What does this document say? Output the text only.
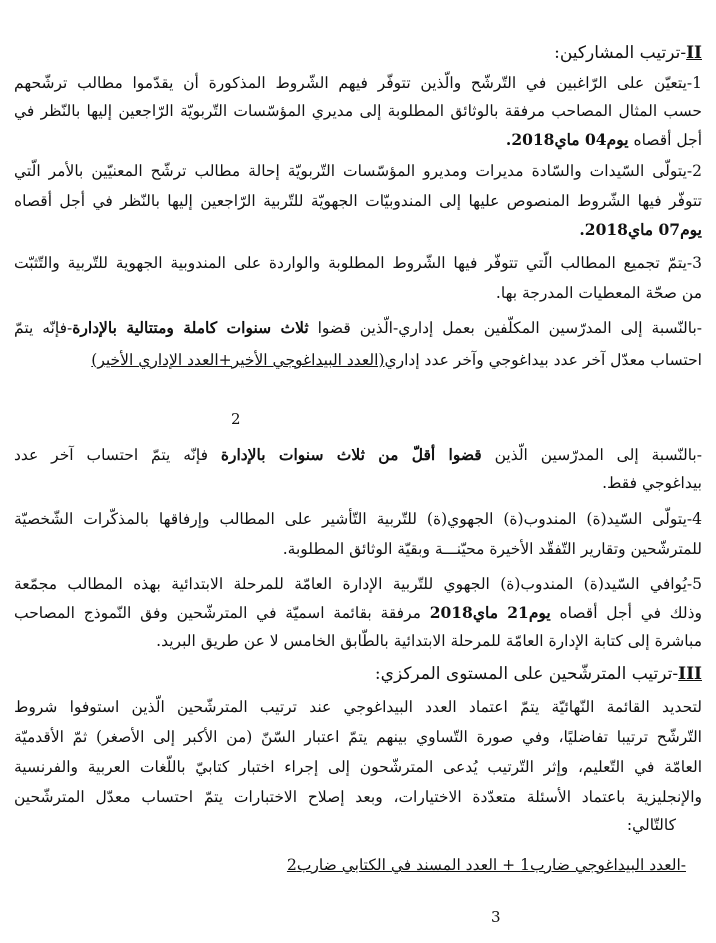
II-ترتيب المشاركين:
1-يتعيّن على الرّاغبين في التّرشّح والّذين تتوفّر فيهم الشّروط المذكورة أن يقدّموا مطالب ترشّحهم
حسب المثال المصاحب مرفقة بالوثائق المطلوبة إلى مديري المؤسّسات التّربويّة الرّاجعين إليها بالنّظر في
أجل أقصاه يوم04 ماي2018.
2-يتولّى السّيدات والسّادة مديرات ومديرو المؤسّسات التّربويّة إحالة مطالب ترشّح المعنيّين بالأمر الّتي
تتوفّر فيها الشّروط المنصوص عليها إلى المندوبيّات الجهويّة للتّربية الرّاجعين إليها بالنّظر في أجل أقصاه
يوم07 ماي2018.
3-يتمّ تجميع المطالب الّتي تتوفّر فيها الشّروط المطلوبة والواردة على المندوبية الجهوية للتّربية والتّثبّت
من صحّة المعطيات المدرجة بها.
-بالنّسبة إلى المدرّسين المكلّفين بعمل إداري-الّذين قضوا ثلاث سنوات كاملة ومتتالية بالإدارة-فإنّه يتمّ
احتساب معدّل آخر عدد بيداغوجي وآخر عدد إداري(العدد البيداغوجي الأخير+العدد الإداري الأخير)
2
-بالنّسبة إلى المدرّسين الّذين قضوا أقلّ من ثلاث سنوات بالإدارة فإنّه يتمّ احتساب آخر عدد
بيداغوجي فقط.
4-يتولّى السّيد(ة) المندوب(ة) الجهوي(ة) للتّربية التّأشير على المطالب وإرفاقها بالمذكّرات الشّخصيّة
للمترشّحين وتقارير التّفقّد الأخيرة محيّنـــة وبقيّة الوثائق المطلوبة.
5-يُوافي السّيد(ة) المندوب(ة) الجهوي للتّربية الإدارة العامّة للمرحلة الابتدائية بهذه المطالب مجمّعة
وذلك في أجل أقصاه يوم21 ماي2018 مرفقة بقائمة اسميّة في المترشّحين وفق النّموذج المصاحب
مباشرة إلى كتابة الإدارة العامّة للمرحلة الابتدائية بالطّابق الخامس لا عن طريق البريد.
III-ترتيب المترشّحين على المستوى المركزي:
لتحديد القائمة النّهائيّة يتمّ اعتماد العدد البيداغوجي عند ترتيب المترشّحين الّذين استوفوا شروط
التّرشّح ترتيبا تفاضليًا، وفي صورة التّساوي بينهم يتمّ اعتبار السّنّ (من الأكبر إلى الأصغر) ثمّ الأقدميّة
العامّة في التّعليم، وإثر التّرتيب يُدعى المترشّحون إلى إجراء اختبار كتابيّ باللّغات العربية والفرنسية
والإنجليزية باعتماد الأسئلة متعدّدة الاختيارات، وبعد إصلاح الاختبارات يتمّ احتساب معدّل المترشّحين
كالتّالي:
-العدد البيداغوجي ضارب1 + العدد المسند في الكتابي ضارب2
3
